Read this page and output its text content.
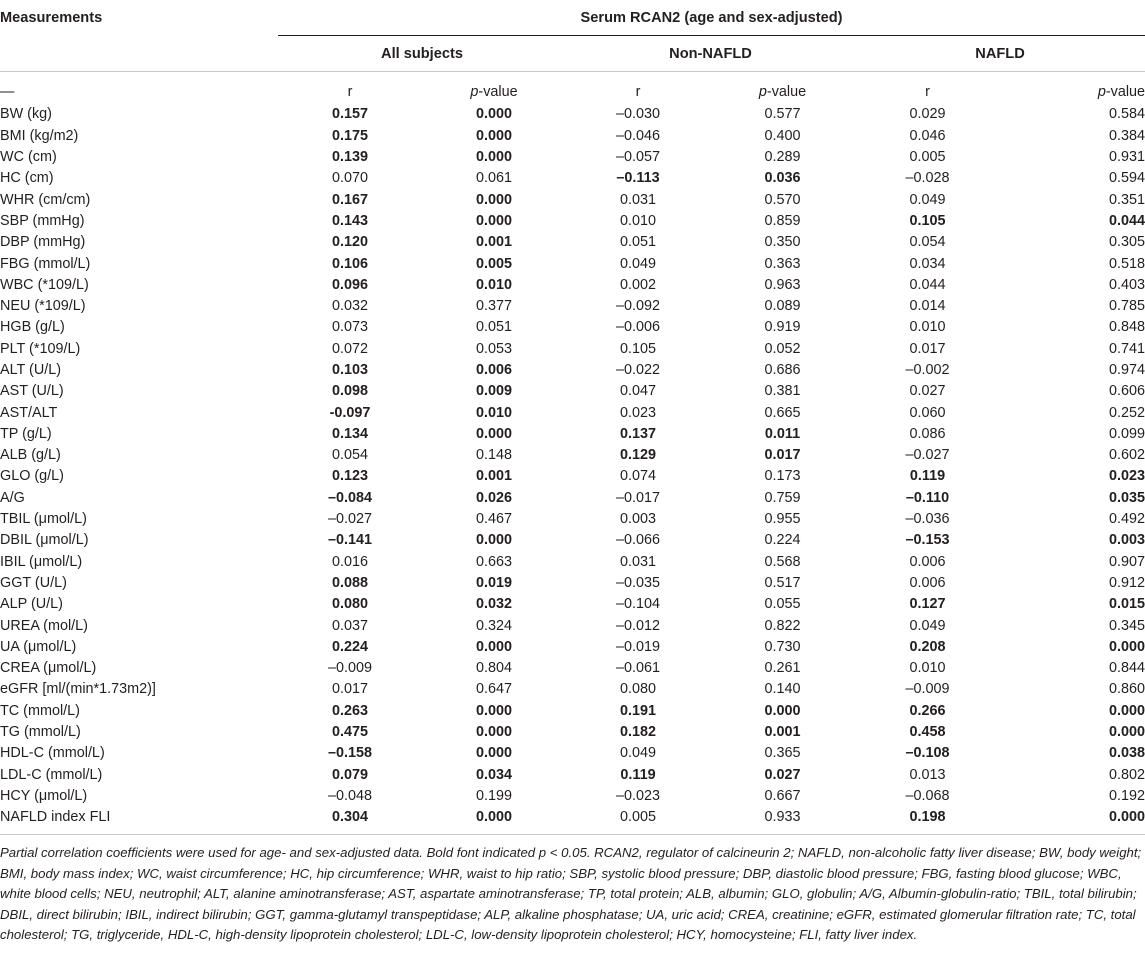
Measurements	Serum RCAN2 (age and sex-adjusted)					
	All subjects		Non-NAFLD		NAFLD	
—	r	p-value	r	p-value	r	p-value
BW (kg)	0.157	0.000	–0.030	0.577	0.029	0.584
BMI (kg/m2)	0.175	0.000	–0.046	0.400	0.046	0.384
WC (cm)	0.139	0.000	–0.057	0.289	0.005	0.931
HC (cm)	0.070	0.061	–0.113	0.036	–0.028	0.594
WHR (cm/cm)	0.167	0.000	0.031	0.570	0.049	0.351
SBP (mmHg)	0.143	0.000	0.010	0.859	0.105	0.044
DBP (mmHg)	0.120	0.001	0.051	0.350	0.054	0.305
FBG (mmol/L)	0.106	0.005	0.049	0.363	0.034	0.518
WBC (*109/L)	0.096	0.010	0.002	0.963	0.044	0.403
NEU (*109/L)	0.032	0.377	–0.092	0.089	0.014	0.785
HGB (g/L)	0.073	0.051	–0.006	0.919	0.010	0.848
PLT (*109/L)	0.072	0.053	0.105	0.052	0.017	0.741
ALT (U/L)	0.103	0.006	–0.022	0.686	–0.002	0.974
AST (U/L)	0.098	0.009	0.047	0.381	0.027	0.606
AST/ALT	-0.097	0.010	0.023	0.665	0.060	0.252
TP (g/L)	0.134	0.000	0.137	0.011	0.086	0.099
ALB (g/L)	0.054	0.148	0.129	0.017	–0.027	0.602
GLO (g/L)	0.123	0.001	0.074	0.173	0.119	0.023
A/G	–0.084	0.026	–0.017	0.759	–0.110	0.035
TBIL (μmol/L)	–0.027	0.467	0.003	0.955	–0.036	0.492
DBIL (μmol/L)	–0.141	0.000	–0.066	0.224	–0.153	0.003
IBIL (μmol/L)	0.016	0.663	0.031	0.568	0.006	0.907
GGT (U/L)	0.088	0.019	–0.035	0.517	0.006	0.912
ALP (U/L)	0.080	0.032	–0.104	0.055	0.127	0.015
UREA (mol/L)	0.037	0.324	–0.012	0.822	0.049	0.345
UA (μmol/L)	0.224	0.000	–0.019	0.730	0.208	0.000
CREA (μmol/L)	–0.009	0.804	–0.061	0.261	0.010	0.844
eGFR [ml/(min*1.73m2)]	0.017	0.647	0.080	0.140	–0.009	0.860
TC (mmol/L)	0.263	0.000	0.191	0.000	0.266	0.000
TG (mmol/L)	0.475	0.000	0.182	0.001	0.458	0.000
HDL-C (mmol/L)	–0.158	0.000	0.049	0.365	–0.108	0.038
LDL-C (mmol/L)	0.079	0.034	0.119	0.027	0.013	0.802
HCY (μmol/L)	–0.048	0.199	–0.023	0.667	–0.068	0.192
NAFLD index FLI	0.304	0.000	0.005	0.933	0.198	0.000
Partial correlation coefficients were used for age- and sex-adjusted data. Bold font indicated p < 0.05. RCAN2, regulator of calcineurin 2; NAFLD, non-alcoholic fatty liver disease; BW, body weight; BMI, body mass index; WC, waist circumference; HC, hip circumference; WHR, waist to hip ratio; SBP, systolic blood pressure; DBP, diastolic blood pressure; FBG, fasting blood glucose; WBC, white blood cells; NEU, neutrophil; ALT, alanine aminotransferase; AST, aspartate aminotransferase; TP, total protein; ALB, albumin; GLO, globulin; A/G, Albumin-globulin-ratio; TBIL, total bilirubin; DBIL, direct bilirubin; IBIL, indirect bilirubin; GGT, gamma-glutamyl transpeptidase; ALP, alkaline phosphatase; UA, uric acid; CREA, creatinine; eGFR, estimated glomerular filtration rate; TC, total cholesterol; TG, triglyceride, HDL-C, high-density lipoprotein cholesterol; LDL-C, low-density lipoprotein cholesterol; HCY, homocysteine; FLI, fatty liver index.
